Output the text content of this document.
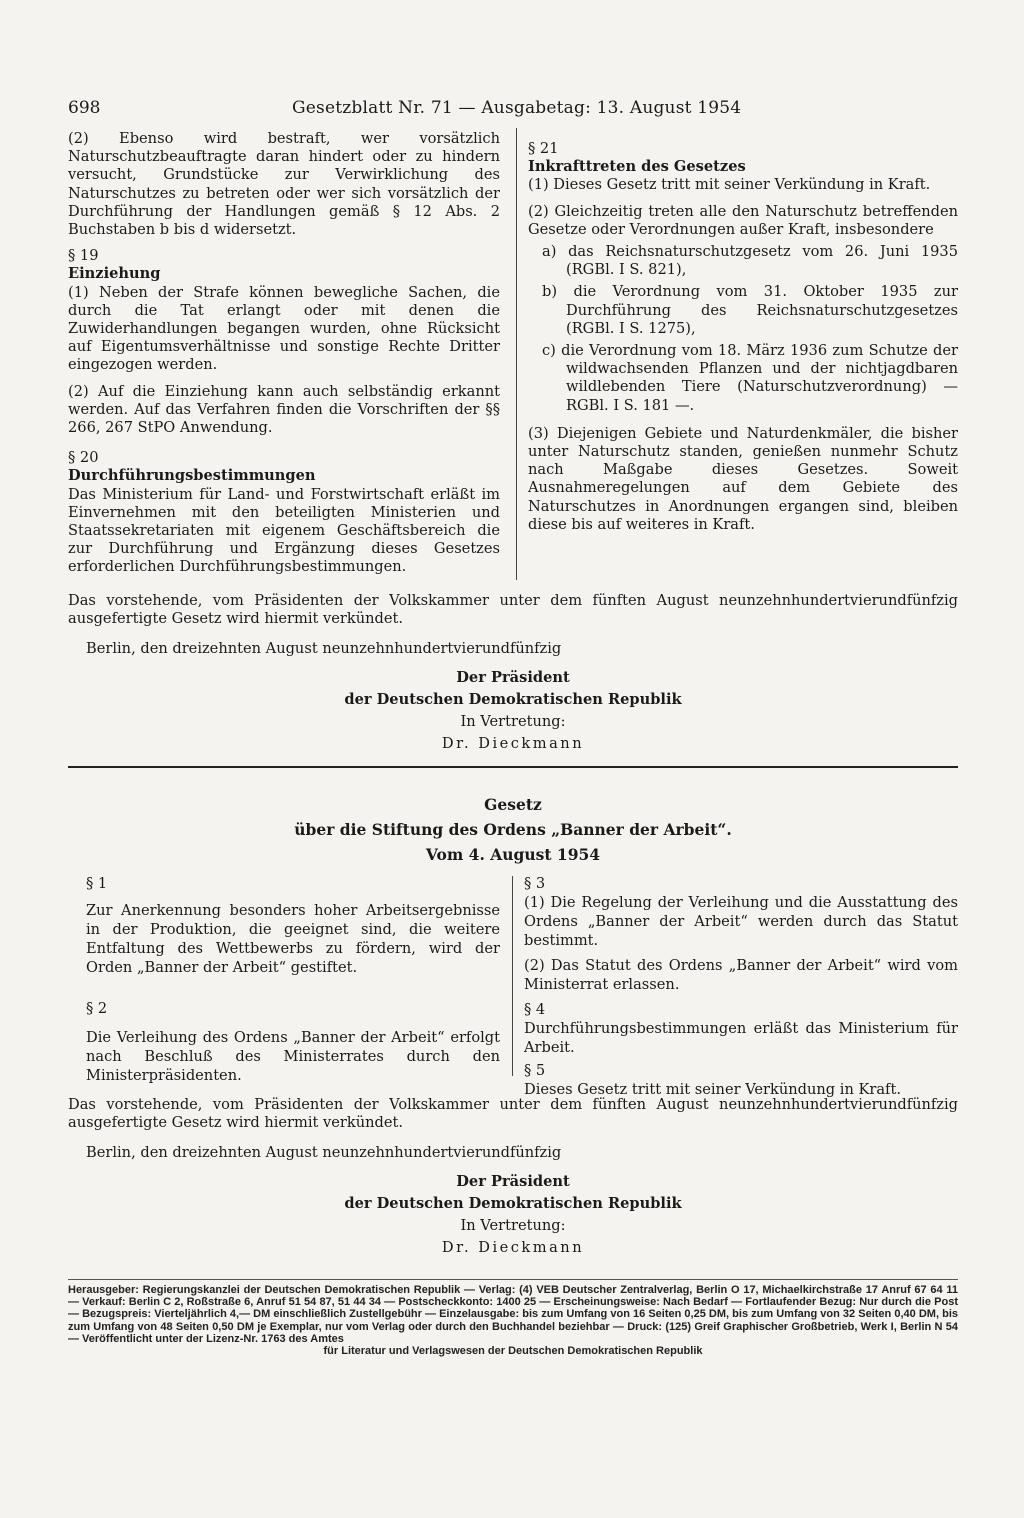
698	Gesetzblatt Nr. 71 — Ausgabetag: 13. August 1954

(2) Ebenso wird bestraft, wer vorsätzlich Naturschutzbeauftragte daran hindert oder zu hindern versucht, Grundstücke zur Verwirklichung des Naturschutzes zu betreten oder wer sich vorsätzlich der Durchführung der Handlungen gemäß § 12 Abs. 2 Buchstaben b bis d widersetzt.

§ 19

Einziehung

(1) Neben der Strafe können bewegliche Sachen, die durch die Tat erlangt oder mit denen die Zuwiderhandlungen begangen wurden, ohne Rücksicht auf Eigentumsverhältnisse und sonstige Rechte Dritter eingezogen werden.

(2) Auf die Einziehung kann auch selbständig erkannt werden. Auf das Verfahren finden die Vorschriften der §§ 266, 267 StPO Anwendung.

§ 20

Durchführungsbestimmungen

Das Ministerium für Land- und Forstwirtschaft erläßt im Einvernehmen mit den beteiligten Ministerien und Staatssekretariaten mit eigenem Geschäftsbereich die zur Durchführung und Ergänzung dieses Gesetzes erforderlichen Durchführungsbestimmungen.

§ 21

Inkrafttreten des Gesetzes

(1) Dieses Gesetz tritt mit seiner Verkündung in Kraft.

(2) Gleichzeitig treten alle den Naturschutz betreffenden Gesetze oder Verordnungen außer Kraft, insbesondere

a) das Reichsnaturschutzgesetz vom 26. Juni 1935 (RGBl. I S. 821),

b) die Verordnung vom 31. Oktober 1935 zur Durchführung des Reichsnaturschutzgesetzes (RGBl. I S. 1275),

c) die Verordnung vom 18. März 1936 zum Schutze der wildwachsenden Pflanzen und der nichtjagdbaren wildlebenden Tiere (Naturschutzverordnung) — RGBl. I S. 181 —.

(3) Diejenigen Gebiete und Naturdenkmäler, die bisher unter Naturschutz standen, genießen nunmehr Schutz nach Maßgabe dieses Gesetzes. Soweit Ausnahmeregelungen auf dem Gebiete des Naturschutzes in Anordnungen ergangen sind, bleiben diese bis auf weiteres in Kraft.

Das vorstehende, vom Präsidenten der Volkskammer unter dem fünften August neunzehnhundertvierundfünfzig ausgefertigte Gesetz wird hiermit verkündet.

Berlin, den dreizehnten August neunzehnhundertvierundfünfzig

Der Präsident

der Deutschen Demokratischen Republik

In Vertretung:

Dr. Dieckmann

Gesetz

über die Stiftung des Ordens „Banner der Arbeit“.

Vom 4. August 1954

§ 1

Zur Anerkennung besonders hoher Arbeitsergebnisse in der Produktion, die geeignet sind, die weitere Entfaltung des Wettbewerbs zu fördern, wird der Orden „Banner der Arbeit“ gestiftet.

§ 2

Die Verleihung des Ordens „Banner der Arbeit“ erfolgt nach Beschluß des Ministerrates durch den Ministerpräsidenten.

§ 3

(1) Die Regelung der Verleihung und die Ausstattung des Ordens „Banner der Arbeit“ werden durch das Statut bestimmt.

(2) Das Statut des Ordens „Banner der Arbeit“ wird vom Ministerrat erlassen.

§ 4

Durchführungsbestimmungen erläßt das Ministerium für Arbeit.

§ 5

Dieses Gesetz tritt mit seiner Verkündung in Kraft.

Das vorstehende, vom Präsidenten der Volkskammer unter dem fünften August neunzehnhundertvierundfünfzig ausgefertigte Gesetz wird hiermit verkündet.

Berlin, den dreizehnten August neunzehnhundertvierundfünfzig

Der Präsident

der Deutschen Demokratischen Republik

In Vertretung:

Dr. Dieckmann

Herausgeber: Regierungskanzlei der Deutschen Demokratischen Republik — Verlag: (4) VEB Deutscher Zentralverlag, Berlin O 17, Michaelkirchstraße 17 Anruf 67 64 11 — Verkauf: Berlin C 2, Roßstraße 6, Anruf 51 54 87, 51 44 34 — Postscheckkonto: 1400 25 — Erscheinungsweise: Nach Bedarf — Fortlaufender Bezug: Nur durch die Post — Bezugspreis: Vierteljährlich 4,— DM einschließlich Zustellgebühr — Einzelausgabe: bis zum Umfang von 16 Seiten 0,25 DM, bis zum Umfang von 32 Seiten 0,40 DM, bis zum Umfang von 48 Seiten 0,50 DM je Exemplar, nur vom Verlag oder durch den Buchhandel beziehbar — Druck: (125) Greif Graphischer Großbetrieb, Werk I, Berlin N 54 — Veröffentlicht unter der Lizenz-Nr. 1763 des Amtes

für Literatur und Verlagswesen der Deutschen Demokratischen Republik
